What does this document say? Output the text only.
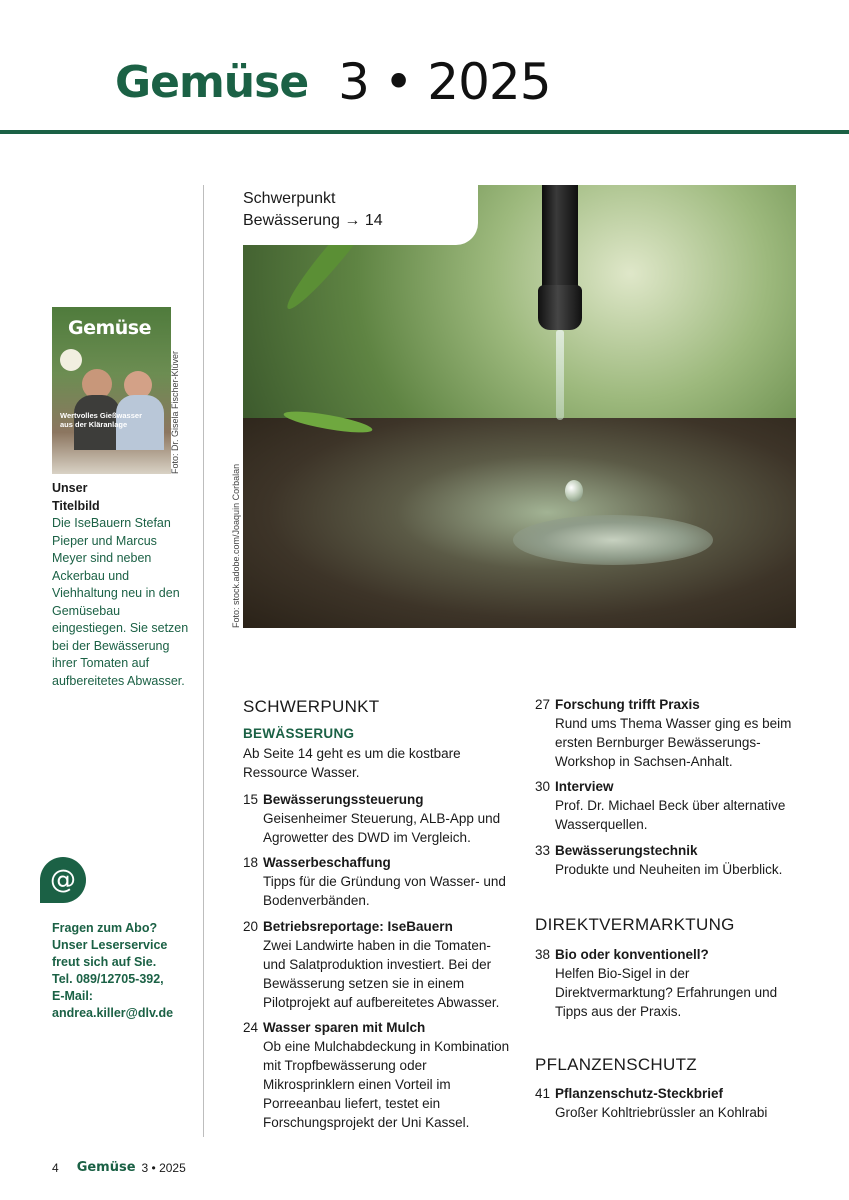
Gemüse 3 • 2025
Gemüse
Wertvolles Gießwasser aus der Kläranlage	Foto: Dr. Gisela Fischer-Klüver
Unser
Titelbild
Die IseBauern Stefan Pieper und Marcus Meyer sind neben Ackerbau und Viehhaltung neu in den Gemüsebau eingestiegen. Sie setzen bei der Bewässerung ihrer Tomaten auf aufbereitetes Abwasser.
@
Fragen zum Abo?
Unser Leserservice
freut sich auf Sie.
Tel. 089/12705-392,
E-Mail:
andrea.killer@dlv.de
Schwerpunkt
Bewässerung → 14
Foto: stock.adobe.com/Joaquin Corbalan
SCHWERPUNKT
BEWÄSSERUNG
Ab Seite 14 geht es um die kostbare Ressource Wasser.
15 Bewässerungssteuerung
Geisenheimer Steuerung, ALB-App und Agrowetter des DWD im Vergleich.
18 Wasserbeschaffung
Tipps für die Gründung von Wasser- und Bodenverbänden.
20 Betriebsreportage: IseBauern
Zwei Landwirte haben in die Tomaten- und Salatproduktion investiert. Bei der Bewässerung setzen sie in einem Pilotprojekt auf aufbereitetes Abwasser.
24 Wasser sparen mit Mulch
Ob eine Mulchabdeckung in Kombination mit Tropfbewässerung oder Mikrosprinklern einen Vorteil im Porreeanbau liefert, testet ein Forschungsprojekt der Uni Kassel.
27 Forschung trifft Praxis
Rund ums Thema Wasser ging es beim ersten Bernburger Bewässerungs-Workshop in Sachsen-Anhalt.
30 Interview
Prof. Dr. Michael Beck über alternative Wasserquellen.
33 Bewässerungstechnik
Produkte und Neuheiten im Überblick.
DIREKTVERMARKTUNG
38 Bio oder konventionell?
Helfen Bio-Sigel in der Direktvermarktung? Erfahrungen und Tipps aus der Praxis.
PFLANZENSCHUTZ
41 Pflanzenschutz-Steckbrief
Großer Kohltriebrüssler an Kohlrabi
4 Gemüse 3 • 2025
